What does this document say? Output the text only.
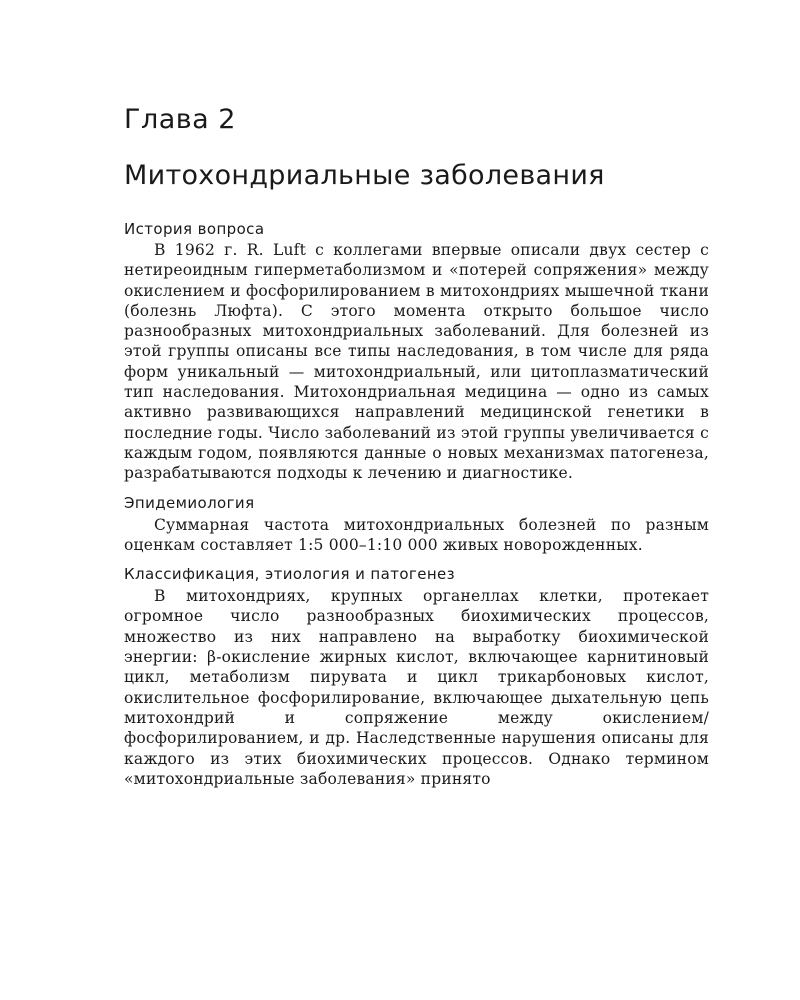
Глава 2
Митохондриальные заболевания
История вопроса

В 1962 г. R. Luft с коллегами впервые описали двух сестер с нетиреоидным гиперметаболизмом и «потерей сопряжения» между окислением и фосфорилированием в митохондриях мышечной ткани (болезнь Люфта). С этого момента открыто большое число разнообразных митохондриальных заболеваний. Для болезней из этой группы описаны все типы наследования, в том числе для ряда форм уникальный — митохондриальный, или цитоплазматический тип наследования. Митохондриальная медицина — одно из самых активно развивающихся направлений медицинской генетики в последние годы. Число заболеваний из этой группы увеличивается с каждым годом, появляются данные о новых механизмах патогенеза, разрабатываются подходы к лечению и диагностике.

Эпидемиология

Суммарная частота митохондриальных болезней по разным оценкам составляет 1:5 000–1:10 000 живых новорожденных.

Классификация, этиология и патогенез

В митохондриях, крупных органеллах клетки, протекает огромное число разнообразных биохимических процессов, множество из них направлено на выработку биохимической энергии: β-окисление жирных кислот, включающее карнитиновый цикл, метаболизм пирувата и цикл трикарбоновых кислот, окислительное фосфорилирование, включающее дыхательную цепь митохондрий и сопряжение между окислением/фосфорилированием, и др. Наследственные нарушения описаны для каждого из этих биохимических процессов. Однако термином «митохондриальные заболевания» принято
